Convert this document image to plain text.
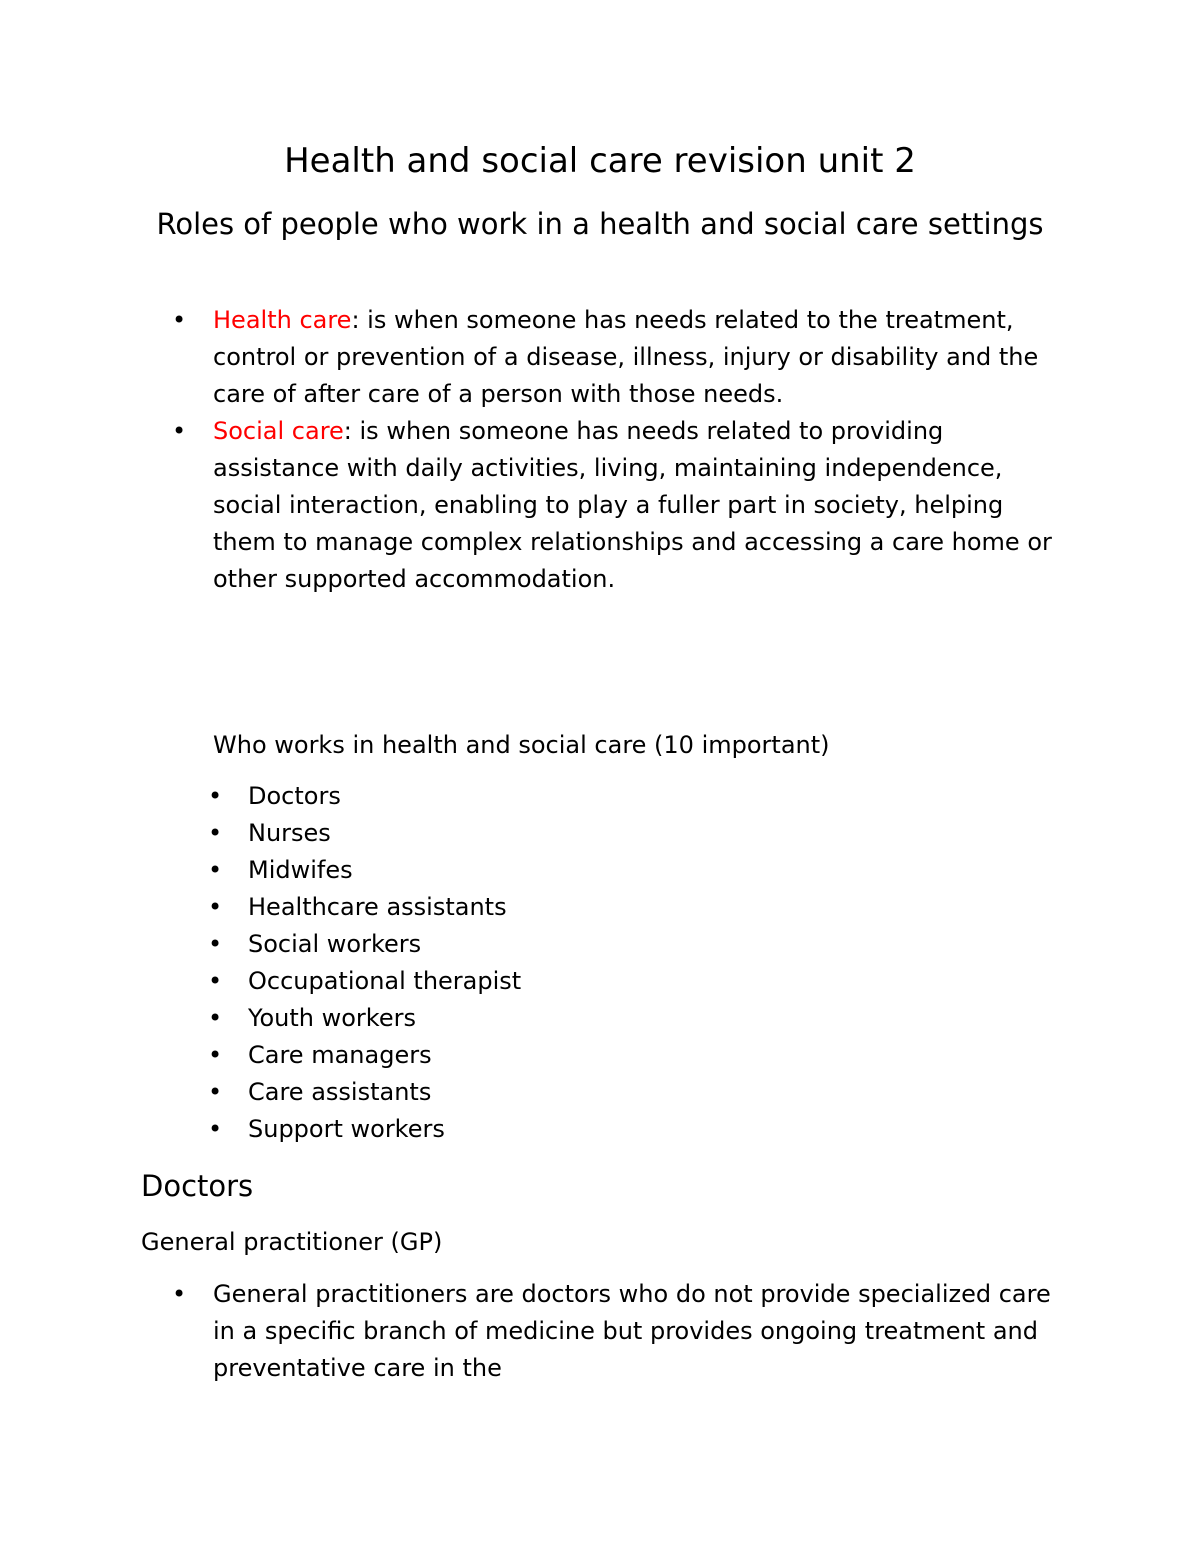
Health and social care revision unit 2
Roles of people who work in a health and social care settings
•	Health care: is when someone has needs related to the treatment, control or prevention of a disease, illness, injury or disability and the care of after care of a person with those needs.
•	Social care: is when someone has needs related to providing assistance with daily activities, living, maintaining independence, social interaction, enabling to play a fuller part in society, helping them to manage complex relationships and accessing a care home or other supported accommodation.

Who works in health and social care (10 important)

•	Doctors
•	Nurses
•	Midwifes
•	Healthcare assistants
•	Social workers
•	Occupational therapist
•	Youth workers
•	Care managers
•	Care assistants
•	Support workers
Doctors
General practitioner (GP)
•	General practitioners are doctors who do not provide specialized care in a specific branch of medicine but provides ongoing treatment and preventative care in the
